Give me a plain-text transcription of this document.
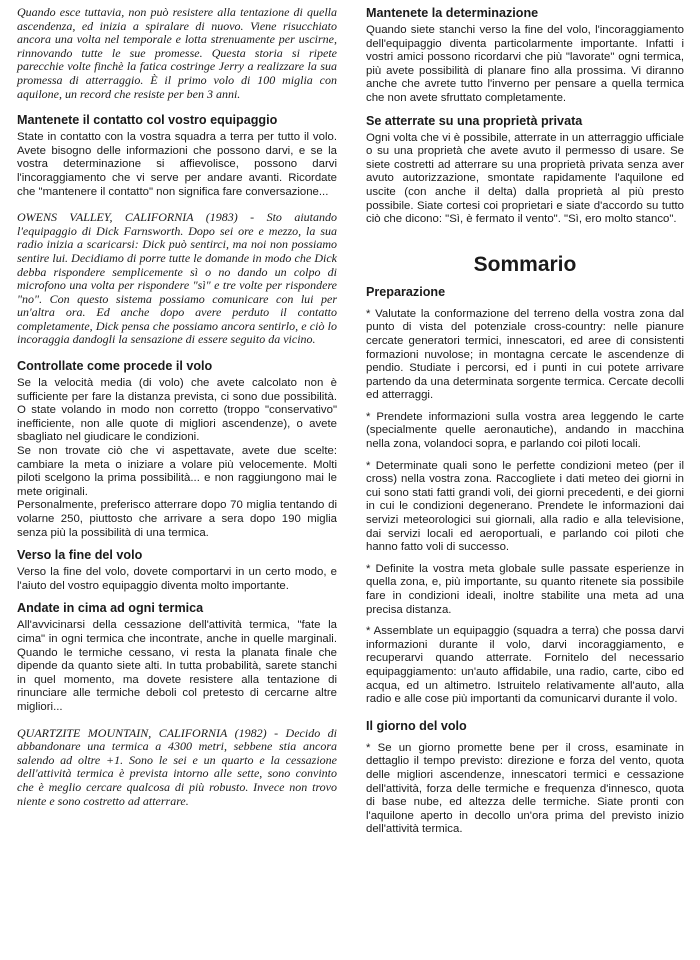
Quando esce tuttavia, non può resistere alla tentazione di quella ascendenza, ed inizia a spiralare di nuovo. Viene risucchiato ancora una volta nel temporale e lotta strenuamente per uscirne, rinnovando tutte le sue promesse. Questa storia si ripete parecchie volte finchè la fatica costringe Jerry a realizzare la sua promessa di atterraggio. È il primo volo di 100 miglia con aquilone, un record che resiste per ben 3 anni.

Mantenete il contatto col vostro equipaggio

State in contatto con la vostra squadra a terra per tutto il volo. Avete bisogno delle informazioni che possono darvi, e se la vostra determinazione si affievolisce, possono darvi l'incoraggiamento che vi serve per andare avanti. Ricordate che "mantenere il contatto" non significa fare conversazione...

OWENS VALLEY, CALIFORNIA (1983) - Sto aiutando l'equipaggio di Dick Farnsworth. Dopo sei ore e mezzo, la sua radio inizia a scaricarsi: Dick può sentirci, ma noi non possiamo sentire lui. Decidiamo di porre tutte le domande in modo che Dick debba rispondere semplicemente sì o no dando un colpo di microfono una volta per rispondere "sì" e tre volte per rispondere "no". Con questo sistema possiamo comunicare con lui per un'altra ora. Ed anche dopo avere perduto il contatto completamente, Dick pensa che possiamo ancora sentirlo, e ciò lo incoraggia dandogli la sensazione di essere seguito da vicino.

Controllate come procede il volo

Se la velocità media (di volo) che avete calcolato non è sufficiente per fare la distanza prevista, ci sono due possibilità. O state volando in modo non corretto (troppo "conservativo" inefficiente, non alle quote di migliori ascendenze), o avete sbagliato nel giudicare le condizioni.

Se non trovate ciò che vi aspettavate, avete due scelte: cambiare la meta o iniziare a volare più velocemente. Molti piloti scelgono la prima possibilità... e non raggiungono mai le mete originali.

Personalmente, preferisco atterrare dopo 70 miglia tentando di volarne 250, piuttosto che arrivare a sera dopo 190 miglia senza più la possibilità di una termica.

Verso la fine del volo

Verso la fine del volo, dovete comportarvi in un certo modo, e l'aiuto del vostro equipaggio diventa molto importante.

Andate in cima ad ogni termica

All'avvicinarsi della cessazione dell'attività termica, "fate la cima" in ogni termica che incontrate, anche in quelle marginali. Quando le termiche cessano, vi resta la planata finale che dipende da quanto siete alti. In tutta probabilità, sarete stanchi in quel momento, ma dovete resistere alla tentazione di rinunciare alle termiche deboli col pretesto di cercarne altre migliori...

QUARTZITE MOUNTAIN, CALIFORNIA (1982) - Decido di abbandonare una termica a 4300 metri, sebbene stia ancora salendo ad oltre +1. Sono le sei e un quarto e la cessazione dell'attività termica è prevista intorno alle sette, sono convinto che è meglio cercare qualcosa di più robusto. Invece non trovo niente e sono costretto ad atterrare.

Mantenete la determinazione

Quando siete stanchi verso la fine del volo, l'incoraggiamento dell'equipaggio diventa particolarmente importante. Infatti i vostri amici possono ricordarvi che più "lavorate" ogni termica, più avete possibilità di planare fino alla prossima. Vi diranno anche che avrete tutto l'inverno per pensare a quella termica che non avete sfruttato completamente.

Se atterrate su una proprietà privata

Ogni volta che vi è possibile, atterrate in un atterraggio ufficiale o su una proprietà che avete avuto il permesso di usare. Se siete costretti ad atterrare su una proprietà privata senza aver avuto autorizzazione, smontate rapidamente l'aquilone ed uscite (con anche il delta) dalla proprietà al più presto possibile. Siate cortesi coi proprietari e siate d'accordo su tutto ciò che dicono: "Sì, è fermato il vento". "Sì, ero molto stanco".

Sommario
Preparazione

* Valutate la conformazione del terreno della vostra zona dal punto di vista del potenziale cross-country: nelle pianure cercate generatori termici, innescatori, ed aree di consistenti formazioni nuvolose; in montagna cercate le ascendenze di pendio. Studiate i percorsi, ed i punti in cui potete arrivare partendo da una determinata sorgente termica. Cercate decolli ed atterraggi.

* Prendete informazioni sulla vostra area leggendo le carte (specialmente quelle aeronautiche), andando in macchina nella zona, volandoci sopra, e parlando coi piloti locali.

* Determinate quali sono le perfette condizioni meteo (per il cross) nella vostra zona. Raccogliete i dati meteo dei giorni in cui sono stati fatti grandi voli, dei giorni precedenti, e dei giorni in cui le condizioni degenerano. Prendete le informazioni dai servizi meteorologici sui giornali, alla radio e alla televisione, dai servizi locali ed aeroportuali, e parlando coi piloti che hanno fatto voli di successo.

* Definite la vostra meta globale sulle passate esperienze in quella zona, e, più importante, su quanto ritenete sia possibile fare in condizioni ideali, inoltre stabilite una meta ad una precisa distanza.

* Assemblate un equipaggio (squadra a terra) che possa darvi informazioni durante il volo, darvi incoraggiamento, e recuperarvi quando atterrate. Fornitelo del necessario equipaggiamento: un'auto affidabile, una radio, carte, cibo ed acqua, ed un altimetro. Istruitelo relativamente all'auto, alla radio e alle cose più importanti da comunicarvi durante il volo.

Il giorno del volo

* Se un giorno promette bene per il cross, esaminate in dettaglio il tempo previsto: direzione e forza del vento, quota delle migliori ascendenze, innescatori termici e cessazione dell'attività, forza delle termiche e frequenza d'innesco, quota di base nube, ed altezza delle termiche. Siate pronti con l'aquilone aperto in decollo un'ora prima del previsto inizio dell'attività termica.
